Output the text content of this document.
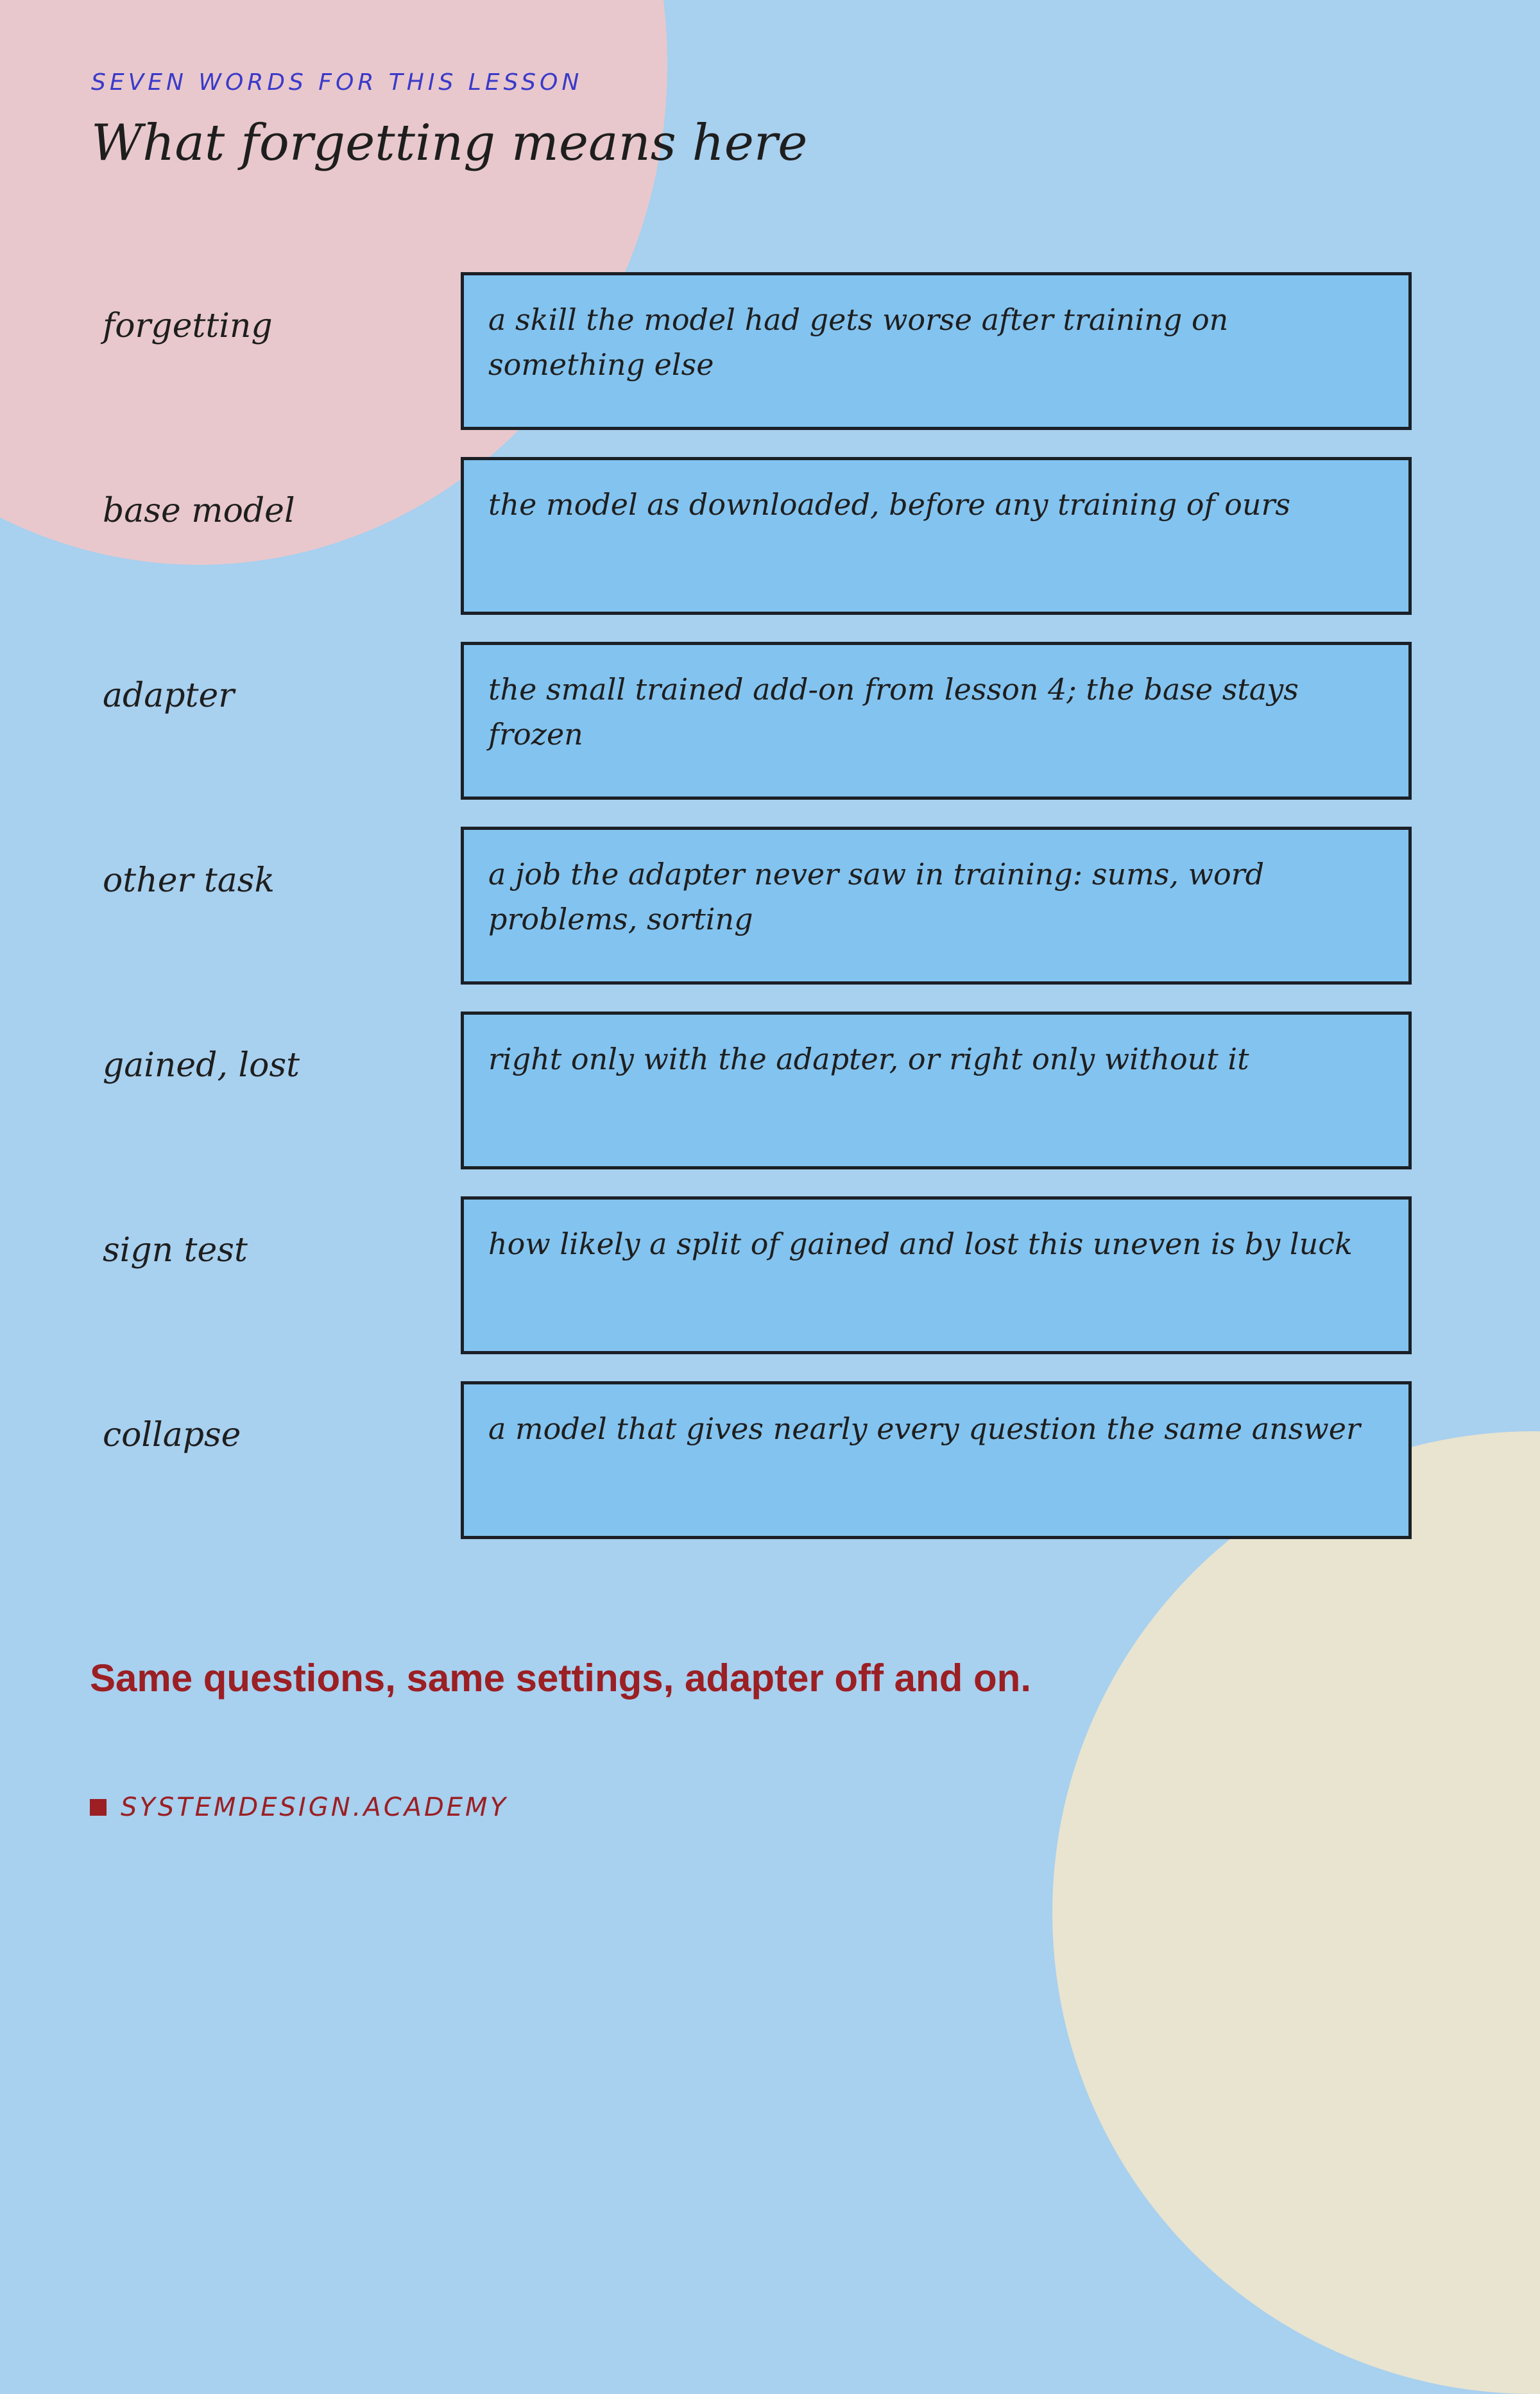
SEVEN WORDS FOR THIS LESSON
What forgetting means here
forgetting	a skill the model had gets worse after training on something else
base model	the model as downloaded, before any training of ours
adapter	the small trained add-on from lesson 4; the base stays frozen
other task	a job the adapter never saw in training: sums, word problems, sorting
gained, lost	right only with the adapter, or right only without it
sign test	how likely a split of gained and lost this uneven is by luck
collapse	a model that gives nearly every question the same answer

Same questions, same settings, adapter off and on.

SYSTEMDESIGN.ACADEMY
